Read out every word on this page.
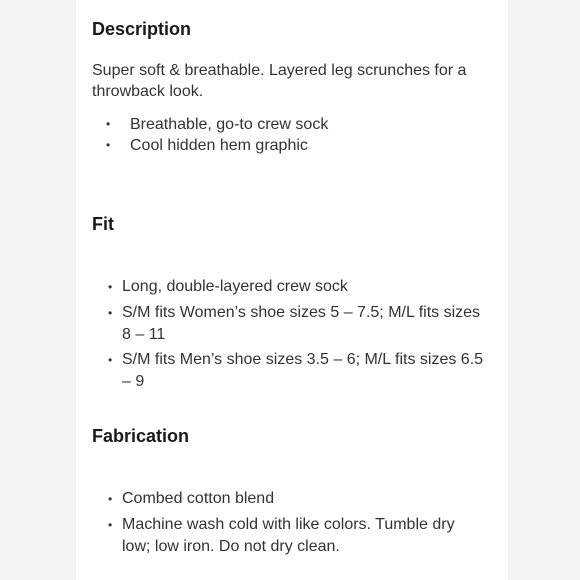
Description

Super soft & breathable. Layered leg scrunches for a throwback look.

• Breathable, go-to crew sock
• Cool hidden hem graphic
Fit
• Long, double-layered crew sock
• S/M fits Women’s shoe sizes 5 – 7.5; M/L fits sizes 8 – 11
• S/M fits Men’s shoe sizes 3.5 – 6; M/L fits sizes 6.5 – 9
Fabrication
• Combed cotton blend
• Machine wash cold with like colors. Tumble dry low; low iron. Do not dry clean.
